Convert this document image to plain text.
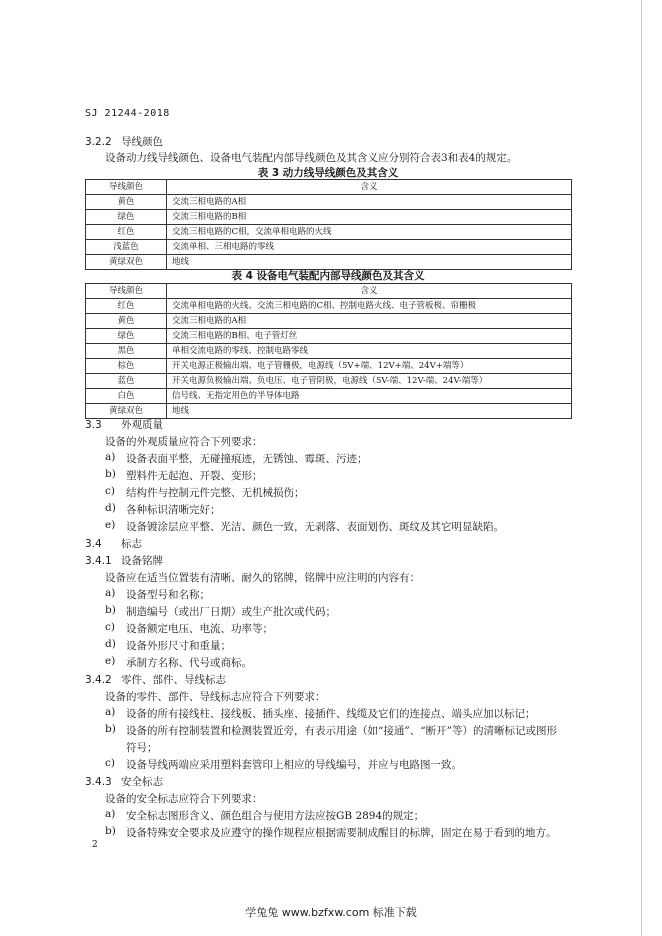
SJ 21244-2018
3.2.2 导线颜色
设备动力线导线颜色、设备电气装配内部导线颜色及其含义应分别符合表3和表4的规定。
表 3 动力线导线颜色及其含义
导线颜色	含义
黄色	交流三相电路的A相
绿色	交流三相电路的B相
红色	交流三相电路的C相，交流单相电路的火线
浅蓝色	交流单相、三相电路的零线
黄绿双色	地线
表 4 设备电气装配内部导线颜色及其含义
导线颜色	含义
红色	交流单相电路的火线、交流三相电路的C相、控制电路火线、电子管板极、帘栅极
黄色	交流三相电路的A相
绿色	交流三相电路的B相、电子管灯丝
黑色	单相交流电路的零线、控制电路零线
棕色	开关电源正极输出端、电子管栅极，电源线（5V+端、12V+端、24V+端等）
蓝色	开关电源负极输出端、负电压、电子管阴极，电源线（5V-端、12V-端、24V-端等）
白色	信号线、无指定用色的半导体电路
黄绿双色	地线
3.3 外观质量
设备的外观质量应符合下列要求：
a) 设备表面平整，无碰撞痕迹，无锈蚀、霉斑、污迹；
b) 塑料件无起泡、开裂、变形；
c) 结构件与控制元件完整、无机械损伤；
d) 各种标识清晰完好；
e) 设备镀涂层应平整、光洁、颜色一致，无剥落、表面划伤、斑纹及其它明显缺陷。
3.4 标志
3.4.1 设备铭牌
设备应在适当位置装有清晰、耐久的铭牌，铭牌中应注明的内容有：
a) 设备型号和名称；
b) 制造编号（或出厂日期）或生产批次或代码；
c) 设备额定电压、电流、功率等；
d) 设备外形尺寸和重量；
e) 承制方名称、代号或商标。
3.4.2 零件、部件、导线标志
设备的零件、部件、导线标志应符合下列要求：
a) 设备的所有接线柱、接线板、插头座、接插件、线缆及它们的连接点、端头应加以标记；
b) 设备的所有控制装置和检测装置近旁，有表示用途（如“接通”、“断开”等）的清晰标记或图形
符号；
c) 设备导线两端应采用塑料套管印上相应的导线编号，并应与电路图一致。
3.4.3 安全标志
设备的安全标志应符合下列要求：
a) 安全标志图形含义、颜色组合与使用方法应按GB 2894的规定；
b) 设备特殊安全要求及应遵守的操作规程应根据需要制成醒目的标牌，固定在易于看到的地方。
2
学兔兔 www.bzfxw.com 标准下载
